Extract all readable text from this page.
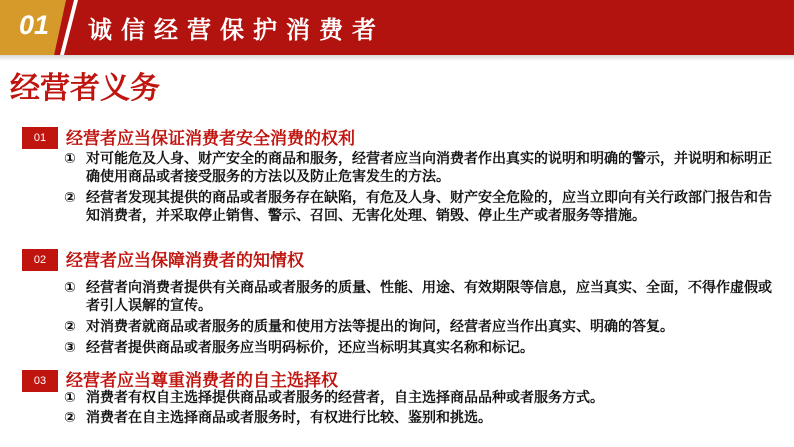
01	诚信经营保护消费者
经营者义务
01	经营者应当保证消费者安全消费的权利
① 对可能危及人身、财产安全的商品和服务，经营者应当向消费者作出真实的说明和明确的警示，并说明和标明正确使用商品或者接受服务的方法以及防止危害发生的方法。
② 经营者发现其提供的商品或者服务存在缺陷，有危及人身、财产安全危险的，应当立即向有关行政部门报告和告知消费者，并采取停止销售、警示、召回、无害化处理、销毁、停止生产或者服务等措施。
02	经营者应当保障消费者的知情权
① 经营者向消费者提供有关商品或者服务的质量、性能、用途、有效期限等信息，应当真实、全面，不得作虚假或者引人误解的宣传。
② 对消费者就商品或者服务的质量和使用方法等提出的询问，经营者应当作出真实、明确的答复。
③ 经营者提供商品或者服务应当明码标价，还应当标明其真实名称和标记。
03	经营者应当尊重消费者的自主选择权
① 消费者有权自主选择提供商品或者服务的经营者，自主选择商品品种或者服务方式。
② 消费者在自主选择商品或者服务时，有权进行比较、鉴别和挑选。
